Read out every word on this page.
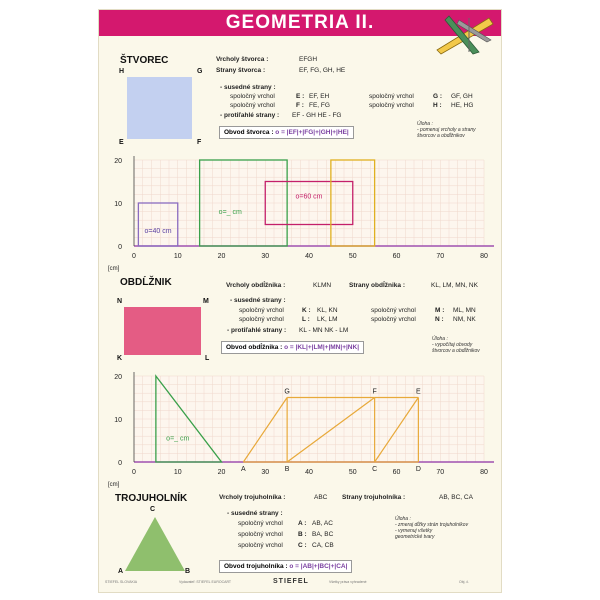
GEOMETRIA II.
ŠTVOREC
H	G
E	F
Vrcholy štvorca :	EFGH
Strany štvorca :	EF, FG, GH, HE
- susedné strany :
spoločný vrchol	E : EF, EH	spoločný vrchol	G : GF, GH
spoločný vrchol	F : FE, FG	spoločný vrchol	H : HE, HG
- protiľahlé strany : EF - GH HE - FG
Obvod štvorca : o = |EF|+|FG|+|GH|+|HE|
Úloha :
- pomenuj vrcholy a strany
štvorcov a obdĺžnikov
0	10	20	30	40	50	60	70	80
0
10
20
[cm]
o=40 cm
o=_ cm
o=60 cm
OBDĹŽNIK
N	M
K	L
Vrcholy obdĺžnika :	KLMN	Strany obdĺžnika :	KL, LM, MN, NK
- susedné strany :
spoločný vrchol	K : KL, KN	spoločný vrchol	M : ML, MN
spoločný vrchol	L : LK, LM	spoločný vrchol	N : NM, NK
- protiľahlé strany : KL - MN NK - LM
Obvod obdĺžnika : o = |KL|+|LM|+|MN|+|NK|
Úloha :
- vypočítaj obvody
štvorcov a obdĺžnikov
0	10	20	30	40	50	60	70	80
0
10
20
[cm]
o=_ cm
A	B	C	D
G	F	E
TROJUHOLNÍK
C
A	B
Vrcholy trojuholníka :	ABC Strany trojuholníka :	AB, BC, CA
- susedné strany :
spoločný vrchol A : AB, AC
spoločný vrchol B : BA, BC
spoločný vrchol C : CA, CB
Obvod trojuholníka : o = |AB|+|BC|+|CA|
Úloha :
- zmeraj dĺžky strán trojuholníkov
- vymenuj všetky
geometrické tvary
STIEFEL SLOVAKIA	Vydavateľ: STIEFEL EUROCART	Všetky práva vyhradené	Obj. č.
STIEFEL
